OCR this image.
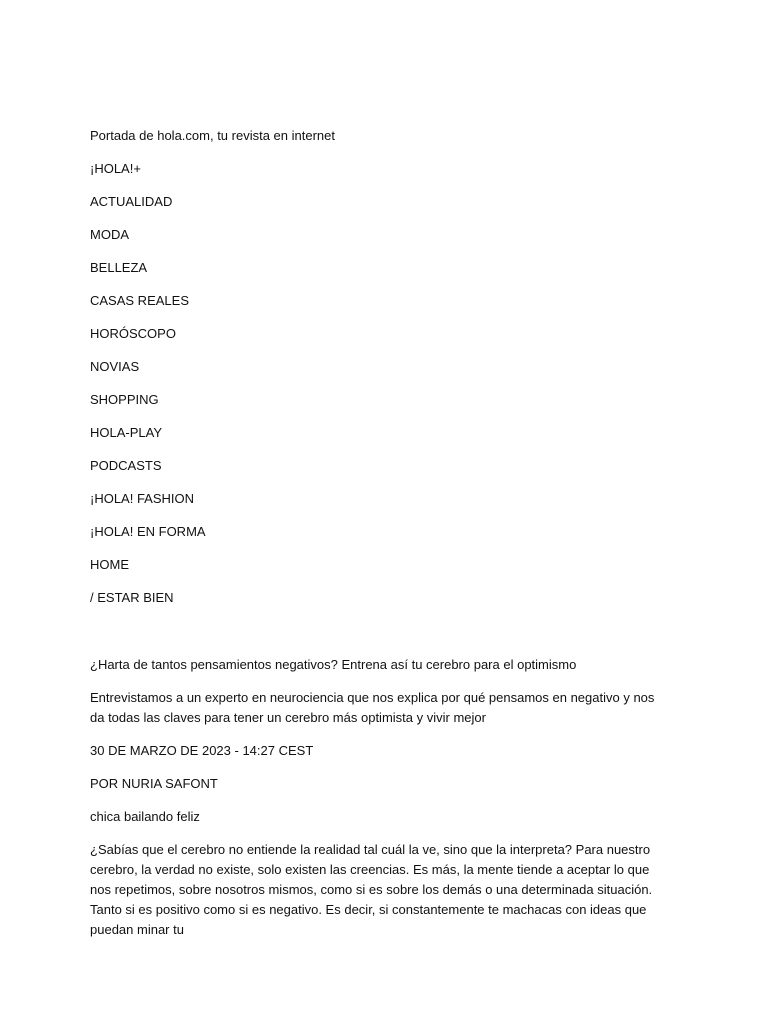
Portada de hola.com, tu revista en internet
¡HOLA!+
ACTUALIDAD
MODA
BELLEZA
CASAS REALES
HORÓSCOPO
NOVIAS
SHOPPING
HOLA-PLAY
PODCASTS
¡HOLA! FASHION
¡HOLA! EN FORMA
HOME
/ ESTAR BIEN
¿Harta de tantos pensamientos negativos? Entrena así tu cerebro para el optimismo
Entrevistamos a un experto en neurociencia que nos explica por qué pensamos en negativo y nos da todas las claves para tener un cerebro más optimista y vivir mejor
30 DE MARZO DE 2023 - 14:27 CEST
POR NURIA SAFONT
chica bailando feliz
¿Sabías que el cerebro no entiende la realidad tal cuál la ve, sino que la interpreta? Para nuestro cerebro, la verdad no existe, solo existen las creencias. Es más, la mente tiende a aceptar lo que nos repetimos, sobre nosotros mismos, como si es sobre los demás o una determinada situación. Tanto si es positivo como si es negativo. Es decir, si constantemente te machacas con ideas que puedan minar tu
